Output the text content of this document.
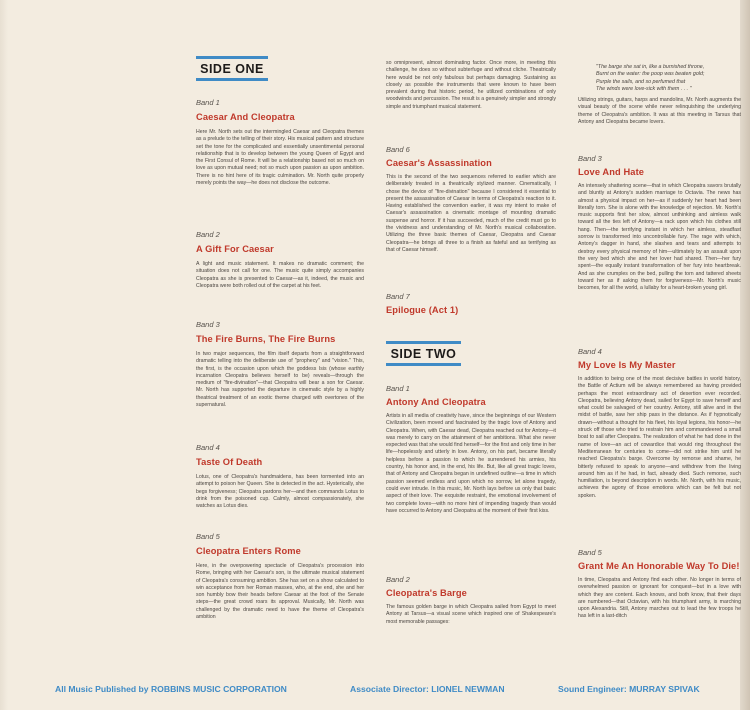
SIDE ONE
Band 1
Caesar And Cleopatra

Here Mr. North sets out the intermingled Caesar and Cleopatra themes as a prelude to the telling of their story. His musical pattern and structure set the tone for the complicated and essentially unsentimental personal relationship that is to develop between the young Queen of Egypt and the First Consul of Rome. It will be a relationship based not so much on love as upon mutual need; not so much upon passion as upon ambition. There is no hint here of its tragic culmination. Mr. North quite properly merely points the way—he does not disclose the outcome.

Band 2
A Gift For Caesar

A light and music statement. It makes no dramatic comment; the situation does not call for one. The music quite simply accompanies Cleopatra as she is presented to Caesar—as it, indeed, the music and Cleopatra were both rolled out of the carpet at his feet.

Band 3
The Fire Burns, The Fire Burns

In two major sequences, the film itself departs from a straightforward dramatic telling into the deliberate use of "prophecy" and "vision." This, the first, is the occasion upon which the goddess Isis (whose earthly incarnation Cleopatra believes herself to be) reveals—through the medium of "fire-divination"—that Cleopatra will bear a son for Caesar. Mr. North has supported the departure in cinematic style by a highly theatrical treatment of an exotic theme charged with overtones of the supernatural.

Band 4
Taste Of Death

Lotus, one of Cleopatra's handmaidens, has been tormented into an attempt to poison her Queen. She is detected in the act. Hysterically, she begs forgiveness; Cleopatra pardons her—and then commands Lotus to drink from the poisoned cup. Calmly, almost compassionately, she watches as Lotus dies.

Band 5
Cleopatra Enters Rome

Here, in the overpowering spectacle of Cleopatra's procession into Rome, bringing with her Caesar's son, is the ultimate musical statement of Cleopatra's consuming ambition. She has set on a show calculated to win acceptance from her Roman masses, who, at the end, she and her son humbly bow their heads before Caesar at the foot of the Senate steps—the great crowd roars its approval. Musically, Mr. North was challenged by the dramatic need to have the theme of Cleopatra's ambition

so omnipresent, almost dominating factor. Once more, in meeting this challenge, he does so without subterfuge and without cliche. Theatrically here would be not only fabulous but perhaps damaging. Sustaining as closely as possible the instruments that were known to have been prevalent during that historic period, he utilized combinations of only woodwinds and percussion. The result is a genuinely simpler and strongly simple and triumphant musical statement.

Band 6
Caesar's Assassination

This is the second of the two sequences referred to earlier which are deliberately treated in a theatrically stylized manner. Cinematically, I chose the device of "fire-divination" because I considered it essential to present the assassination of Caesar in terms of Cleopatra's reaction to it. Having established the convention earlier, it was my intent to make of Caesar's assassination a cinematic montage of mounting dramatic suspense and horror. If it has succeeded, much of the credit must go to the vividness and understanding of Mr. North's musical collaboration. Utilizing the three basic themes of Caesar, Cleopatra and Caesar Cleopatra—he brings all three to a finish as fateful and as terrifying as that of Caesar himself.

Band 7
Epilogue (Act 1)
SIDE TWO
Band 1
Antony And Cleopatra

Artists in all media of creativity have, since the beginnings of our Western Civilization, been moved and fascinated by the tragic love of Antony and Cleopatra. When, with Caesar dead, Cleopatra reached out for Antony—it was merely to carry on the attainment of her ambitions. What she never expected was that she would find herself—for the first and only time in her life—hopelessly and utterly in love. Antony, on his part, became literally helpless before a passion to which he surrendered his armies, his country, his honor and, in the end, his life. But, like all great tragic loves, that of Antony and Cleopatra began in undefined outline—a time in which passion seemed endless and upon which no sorrow, let alone tragedy, could ever intrude. In this music, Mr. North lays before us only that basic aspect of their love. The exquisite restraint, the emotional involvement of two complete loves—with no more hint of impending tragedy than would have occurred to Antony and Cleopatra at the moment of their first kiss.

Band 2
Cleopatra's Barge

The famous golden barge in which Cleopatra sailed from Egypt to meet Antony at Tarsus—a visual scene which inspired one of Shakespeare's most memorable passages:

"The barge she sat in, like a burnished throne,
Burnt on the water: the poop was beaten gold;
Purple the sails, and so perfumed that
The winds were love-sick with them . . . "

Utilizing strings, guitars, harps and mandolins, Mr. North augments the visual beauty of the scene while never relinquishing the underlying theme of Cleopatra's ambition. It was at this meeting in Tarsus that Antony and Cleopatra became lovers.

Band 3
Love And Hate

An intensely shattering scene—that in which Cleopatra savors brutally and bluntly at Antony's sudden marriage to Octavia. The news has almost a physical impact on her—as if suddenly her heart had been literally torn. She is alone with the knowledge of rejection. Mr. North's music supports first her slow, almost unthinking and aimless walk toward all the ties left of Antony—a rack upon which his clothes still hang. Then—the terrifying instant in which her aimless, steadfast sorrow is transformed into uncontrollable fury. The rage with which, Antony's dagger in hand, she slashes and tears and attempts to destroy every physical memory of him—ultimately by an assault upon the very bed which she and her lover had shared. Then—her fury spent—the equally instant transformation of her fury into heartbreak. And as she crumples on the bed, pulling the torn and tattered sheets toward her as if asking them for forgiveness—Mr. North's music becomes, for all the world, a lullaby for a heart-broken young girl.

Band 4
My Love Is My Master

In addition to being one of the most decisive battles in world history, the Battle of Actium will be always remembered as having provided perhaps the most extraordinary act of desertion ever recorded. Cleopatra, believing Antony dead, sailed for Egypt to save herself and what could be salvaged of her country. Antony, still alive and in the midst of battle, saw her ship pass in the distance. As if hypnotically drawn—without a thought for his fleet, his loyal legions, his honor—he struck off those who tried to restrain him and commandeered a small boat to sail after Cleopatra. The realization of what he had done in the name of love—an act of cowardice that would ring throughout the Mediterranean for centuries to come—did not strike him until he reached Cleopatra's barge. Overcome by remorse and shame, he bitterly refused to speak to anyone—and withdrew from the living around him as if he had, in fact, already died. Such remorse, such humiliation, is beyond description in words. Mr. North, with his music, achieves the agony of those emotions which can be felt but not spoken.

Band 5
Grant Me An Honorable Way To Die!

In time, Cleopatra and Antony find each other. No longer in terms of overwhelmed passion or ignorant for conquest—but in a love with which they are content. Each knows, and both know, that their days are numbered—that Octavian, with his triumphant army, is marching upon Alexandria. Still, Antony marches out to lead the few troops he has left in a last-ditch

All Music Published by ROBBINS MUSIC CORPORATION	Associate Director: LIONEL NEWMAN	Sound Engineer: MURRAY SPIVAK
